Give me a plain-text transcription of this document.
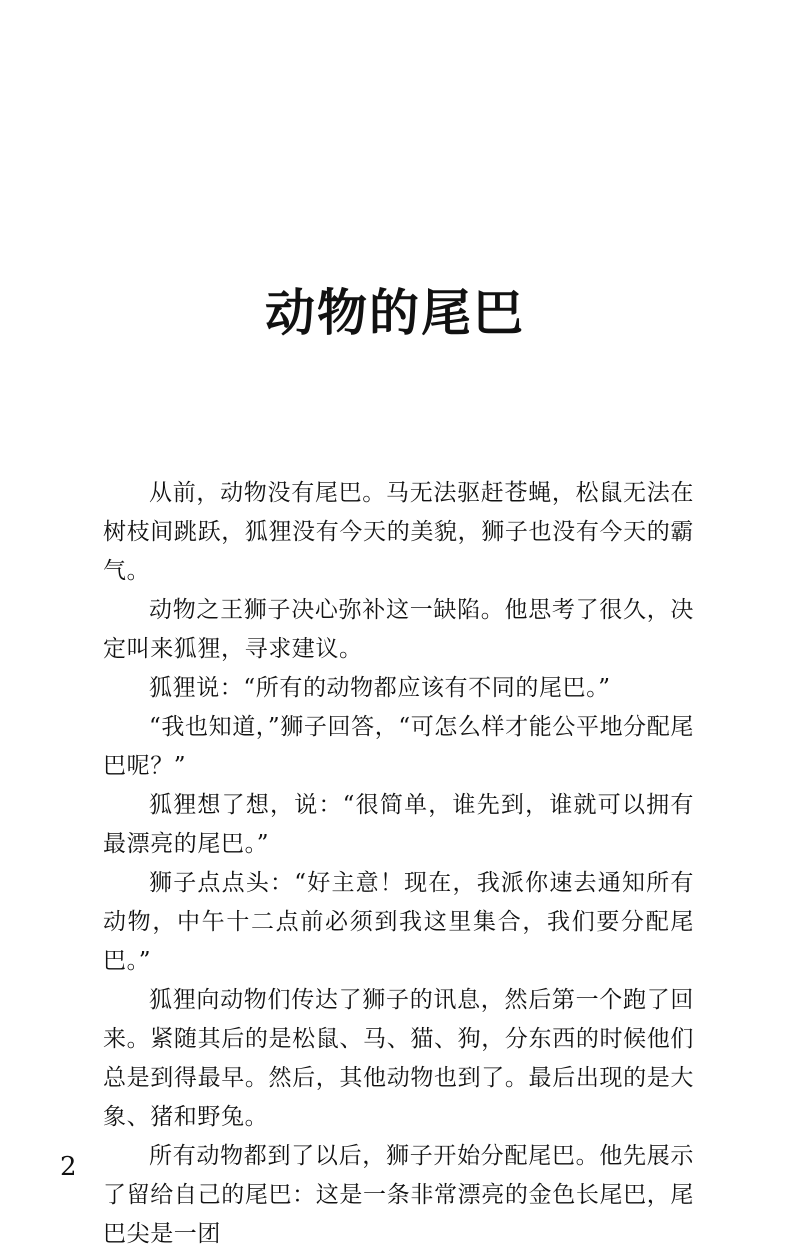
动物的尾巴

从前，动物没有尾巴。马无法驱赶苍蝇，松鼠无法在树枝间跳跃，狐狸没有今天的美貌，狮子也没有今天的霸气。

动物之王狮子决心弥补这一缺陷。他思考了很久，决定叫来狐狸，寻求建议。

狐狸说：“所有的动物都应该有不同的尾巴。”

“我也知道，”狮子回答，“可怎么样才能公平地分配尾巴呢？”

狐狸想了想，说：“很简单，谁先到，谁就可以拥有最漂亮的尾巴。”

狮子点点头：“好主意！现在，我派你速去通知所有动物，中午十二点前必须到我这里集合，我们要分配尾巴。”

狐狸向动物们传达了狮子的讯息，然后第一个跑了回来。紧随其后的是松鼠、马、猫、狗，分东西的时候他们总是到得最早。然后，其他动物也到了。最后出现的是大象、猪和野兔。

所有动物都到了以后，狮子开始分配尾巴。他先展示了留给自己的尾巴：这是一条非常漂亮的金色长尾巴，尾巴尖是一团

2
